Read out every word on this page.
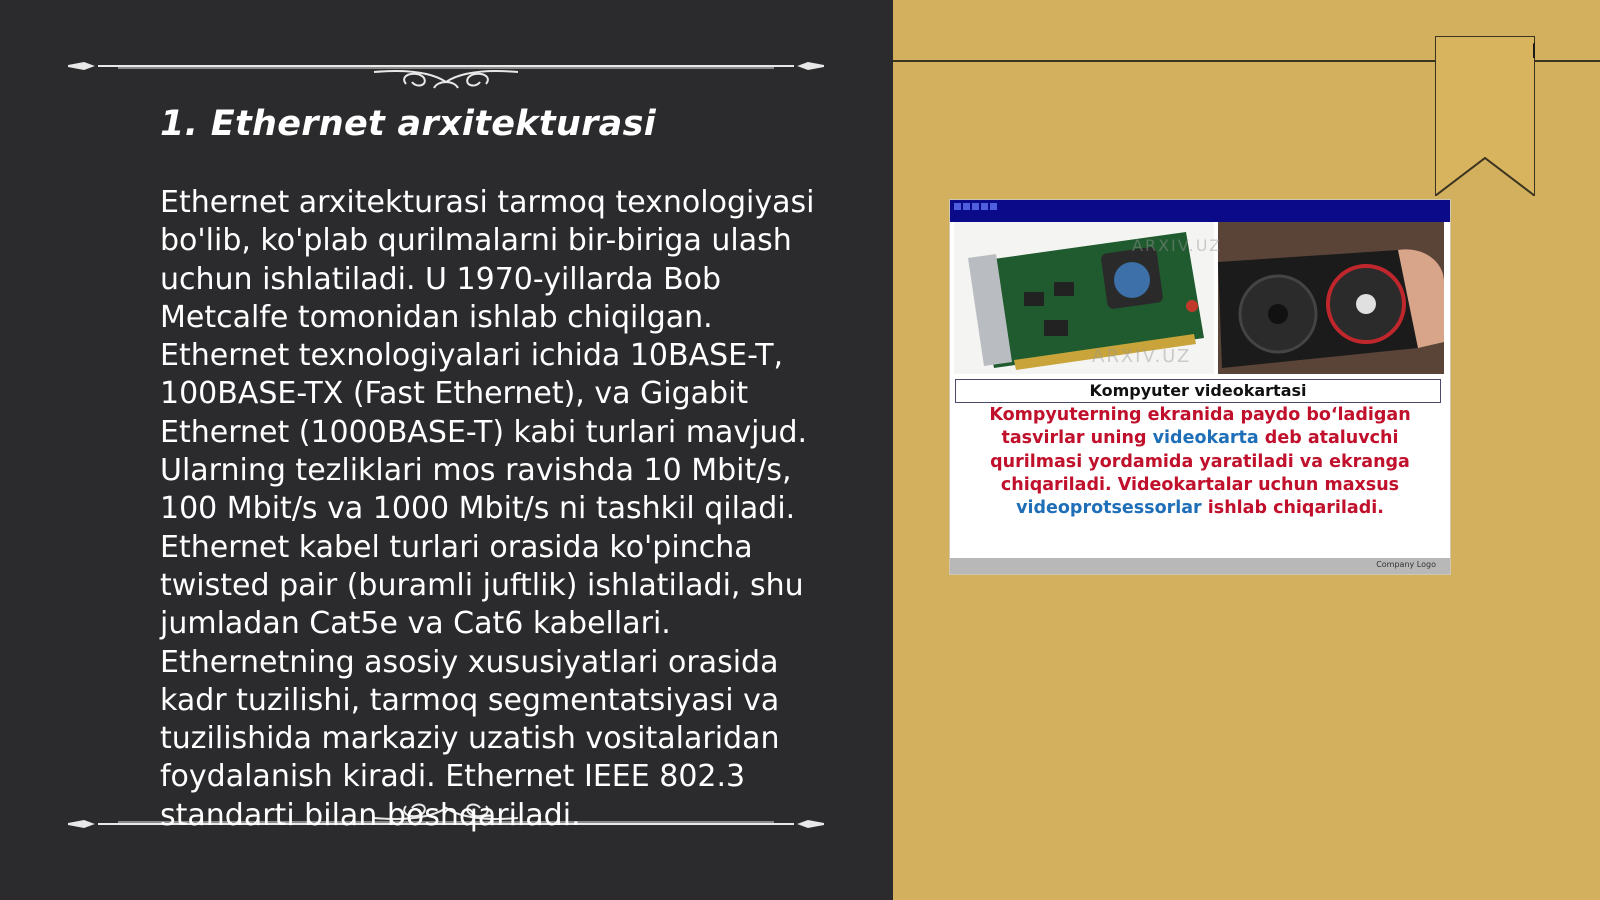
1. Ethernet arxitekturasi

Ethernet arxitekturasi tarmoq texnologiyasi bo'lib, ko'plab qurilmalarni bir-biriga ulash uchun ishlatiladi. U 1970-yillarda Bob Metcalfe tomonidan ishlab chiqilgan. Ethernet texnologiyalari ichida 10BASE-T, 100BASE-TX (Fast Ethernet), va Gigabit Ethernet (1000BASE-T) kabi turlari mavjud. Ularning tezliklari mos ravishda 10 Mbit/s, 100 Mbit/s va 1000 Mbit/s ni tashkil qiladi. Ethernet kabel turlari orasida ko'pincha twisted pair (buramli juftlik) ishlatiladi, shu jumladan Cat5e va Cat6 kabellari. Ethernetning asosiy xususiyatlari orasida kadr tuzilishi, tarmoq segmentatsiyasi va tuzilishida markaziy uzatish vositalaridan foydalanish kiradi. Ethernet IEEE 802.3 standarti bilan boshqariladi.

ARXIV.UZ
ARXIV.UZ
Kompyuter videokartasi

Kompyuterning ekranida paydo bo‘ladigan tasvirlar uning videokarta deb ataluvchi qurilmasi yordamida yaratiladi va ekranga chiqariladi. Videokartalar uchun maxsus videoprotsessorlar ishlab chiqariladi.

Company Logo
